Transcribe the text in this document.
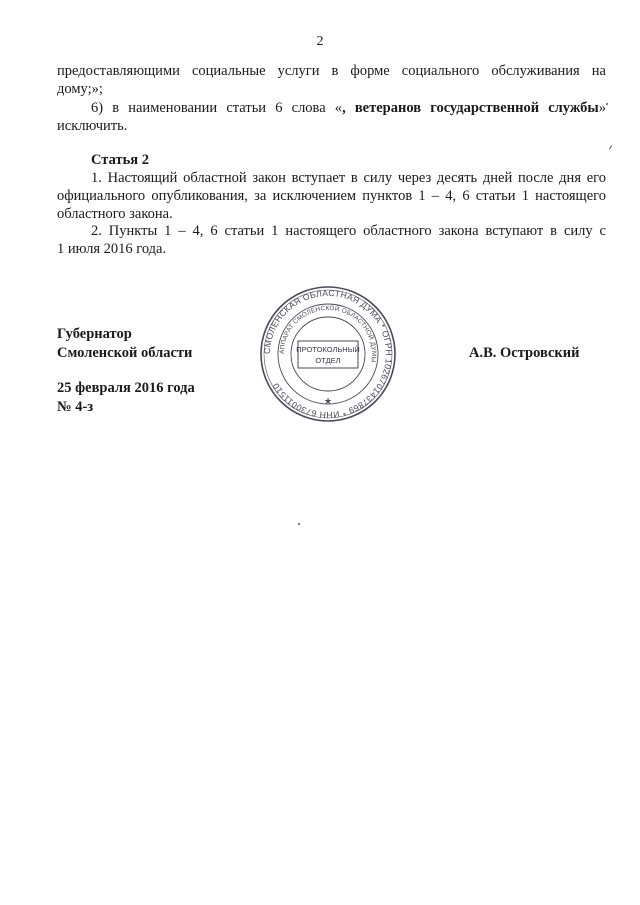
2

предоставляющими социальные услуги в форме социального обслуживания на

дому;»;

6) в наименовании статьи 6 слова «, ветеранов государственной службы»

исключить.

Статья 2

1. Настоящий областной закон вступает в силу через десять дней после дня его

официального опубликования, за исключением пунктов 1 – 4, 6 статьи 1 настоящего

областного закона.

2. Пункты 1 – 4, 6 статьи 1 настоящего областного закона вступают в силу с

1 июля 2016 года.

Губернатор
Смоленской области	А.В. Островский
25 февраля 2016 года
№ 4-з
СМОЛЕНСКАЯ ОБЛАСТНАЯ ДУМА * ОГРН 1026701437869 * ИНН 6730011510
АППАРАТ СМОЛЕНСКОЙ ОБЛАСТНОЙ ДУМЫ
ПРОТОКОЛЬНЫЙ
ОТДЕЛ
★
